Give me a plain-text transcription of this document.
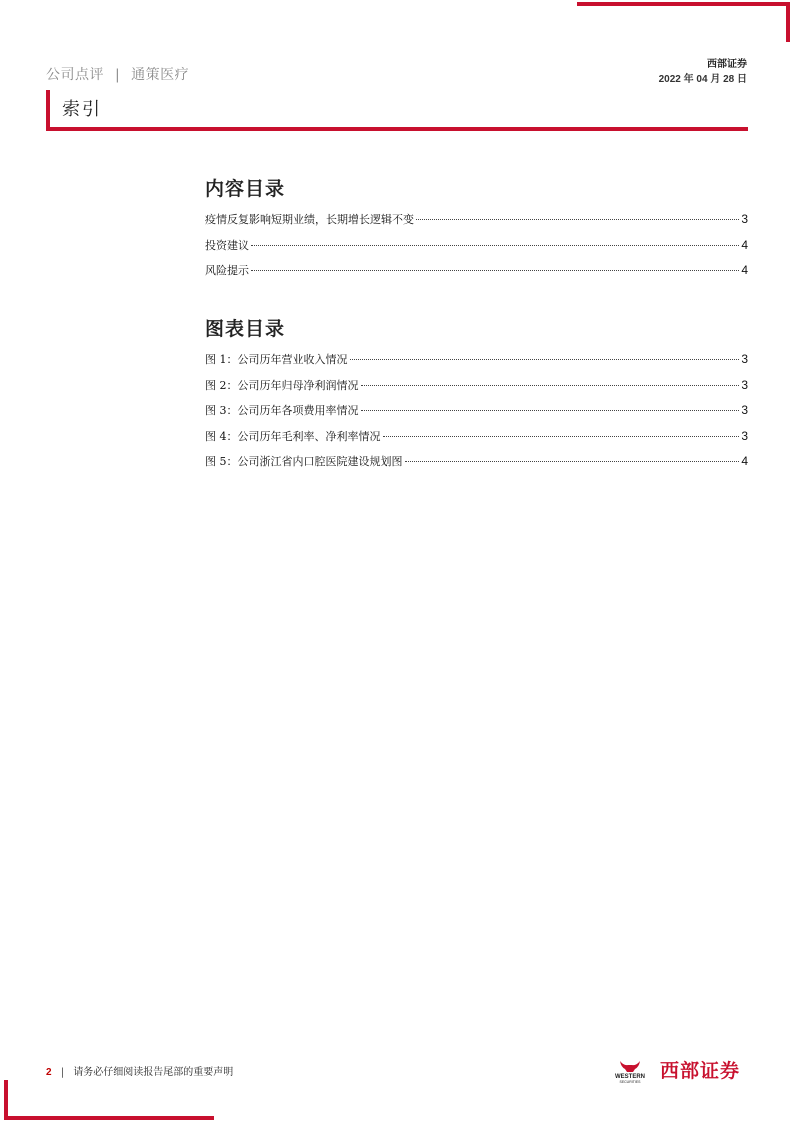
公司点评 | 通策医疗
西部证券
2022 年 04 月 28 日
索引
内容目录
疫情反复影响短期业绩，长期增长逻辑不变	3
投资建议	4
风险提示	4
图表目录
图 1：公司历年营业收入情况	3
图 2：公司历年归母净利润情况	3
图 3：公司历年各项费用率情况	3
图 4：公司历年毛利率、净利率情况	3
图 5：公司浙江省内口腔医院建设规划图	4
2 | 请务必仔细阅读报告尾部的重要声明	WESTERN
SECURITIES 西部证券
